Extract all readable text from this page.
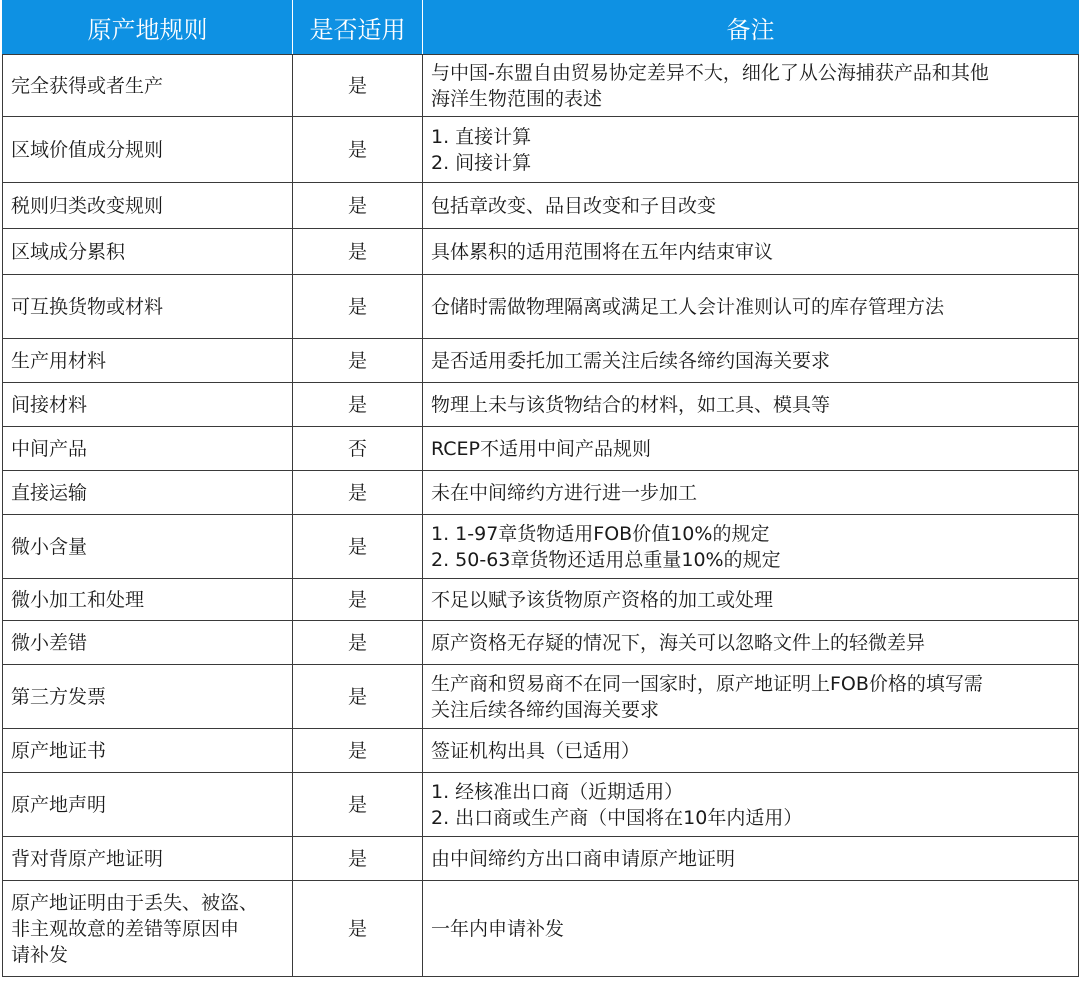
原产地规则	是否适用	备注

完全获得或者生产	是	与中国-东盟自由贸易协定差异不大，细化了从公海捕获产品和其他
海洋生物范围的表述

区域价值成分规则	是	1. 直接计算
2. 间接计算

税则归类改变规则	是	包括章改变、品目改变和子目改变

区域成分累积	是	具体累积的适用范围将在五年内结束审议

可互换货物或材料	是	仓储时需做物理隔离或满足工人会计准则认可的库存管理方法

生产用材料	是	是否适用委托加工需关注后续各缔约国海关要求

间接材料	是	物理上未与该货物结合的材料，如工具、模具等

中间产品	否	RCEP不适用中间产品规则

直接运输	是	未在中间缔约方进行进一步加工

微小含量	是	1. 1-97章货物适用FOB价值10%的规定
2. 50-63章货物还适用总重量10%的规定

微小加工和处理	是	不足以赋予该货物原产资格的加工或处理

微小差错	是	原产资格无存疑的情况下，海关可以忽略文件上的轻微差异

第三方发票	是	生产商和贸易商不在同一国家时，原产地证明上FOB价格的填写需
关注后续各缔约国海关要求

原产地证书	是	签证机构出具（已适用）

原产地声明	是	1. 经核准出口商（近期适用）
2. 出口商或生产商（中国将在10年内适用）

背对背原产地证明	是	由中间缔约方出口商申请原产地证明

原产地证明由于丢失、被盗、
非主观故意的差错等原因申
请补发	是	一年内申请补发
